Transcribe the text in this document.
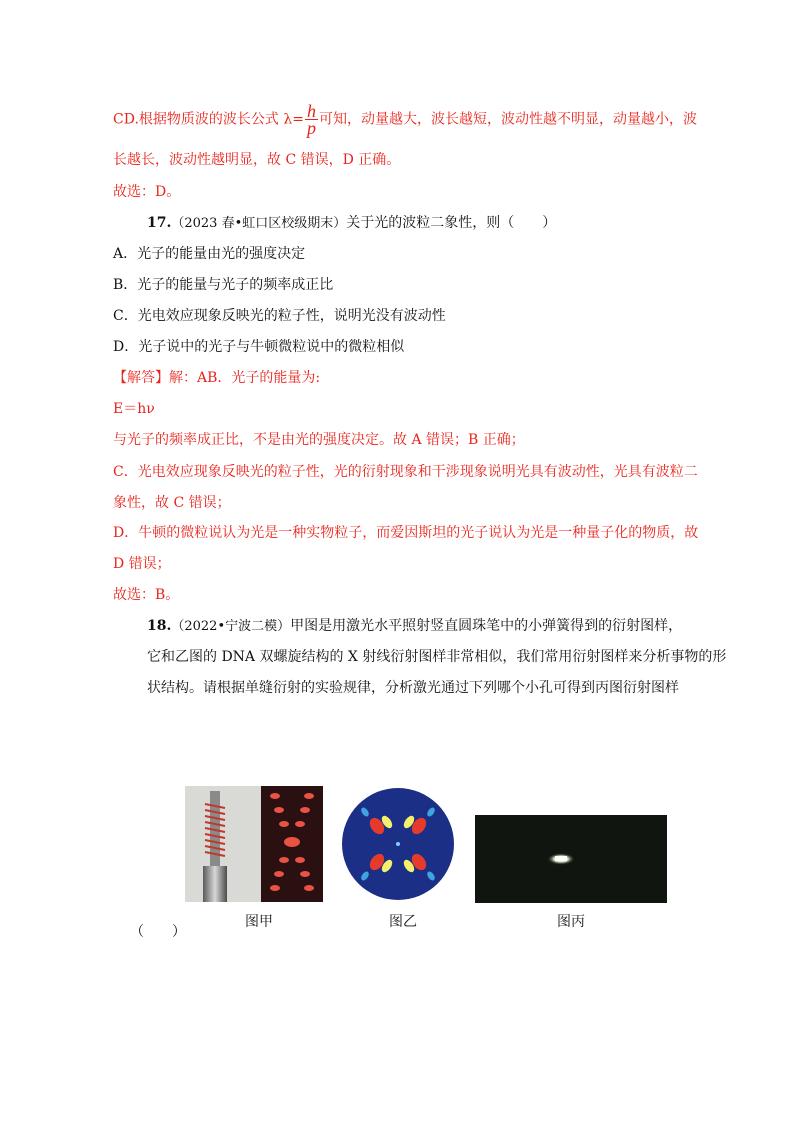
CD.根据物质波的波长公式 $\lambda= \frac{h}{p}$ 可知，动量越大，波长越短，波动性越不明显，动量越小，波
长越长，波动性越明显，故 C 错误，D 正确。
故选：D。
17.（2023 春•虹口区校级期末）关于光的波粒二象性，则（　　）
A．光子的能量由光的强度决定
B．光子的能量与光子的频率成正比
C．光电效应现象反映光的粒子性，说明光没有波动性
D．光子说中的光子与牛顿微粒说中的微粒相似
【解答】解：AB．光子的能量为:
E＝hν
与光子的频率成正比，不是由光的强度决定。故 A 错误；B 正确；
C．光电效应现象反映光的粒子性，光的衍射现象和干涉现象说明光具有波动性，光具有波粒二
象性，故 C 错误；
D．牛顿的微粒说认为光是一种实物粒子，而爱因斯坦的光子说认为光是一种量子化的物质，故
D 错误；
故选：B。
18.（2022•宁波二模）甲图是用激光水平照射竖直圆珠笔中的小弹簧得到的衍射图样，
它和乙图的 DNA 双螺旋结构的 X 射线衍射图样非常相似，我们常用衍射图样来分析事物的形
状结构。请根据单缝衍射的实验规律，分析激光通过下列哪个小孔可得到丙图衍射图样
图甲	图乙	图丙
（　　）
